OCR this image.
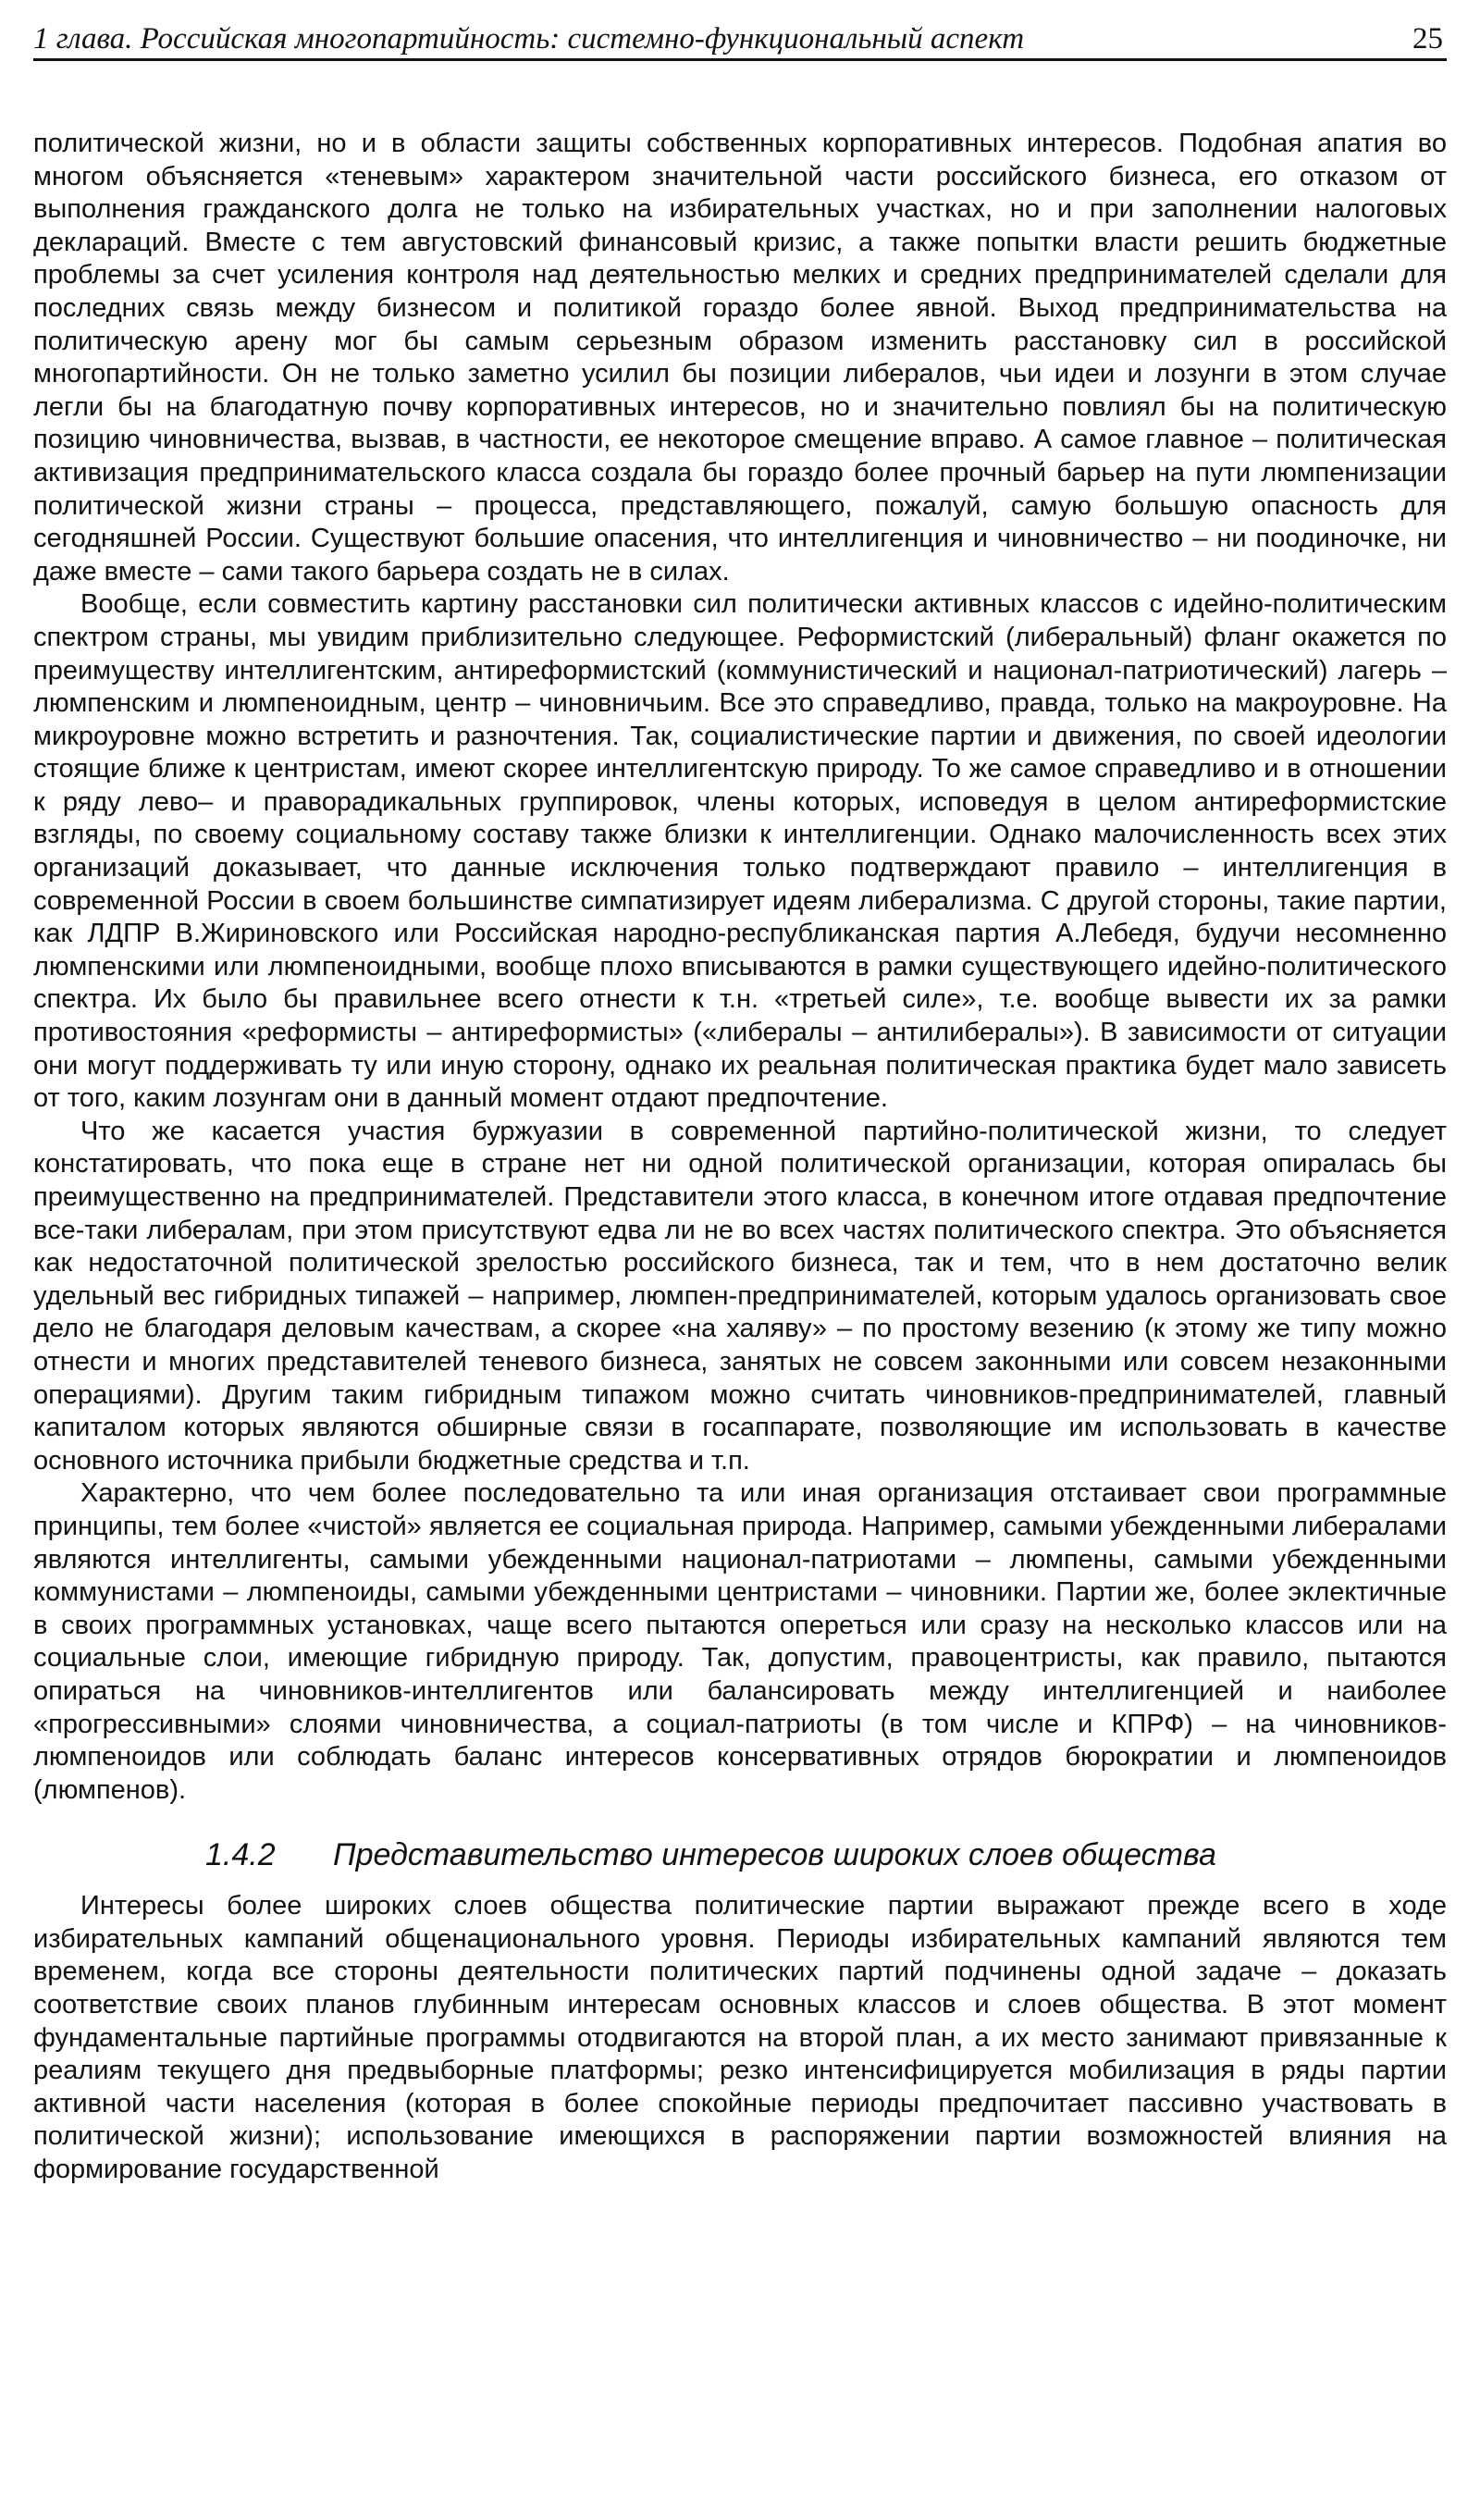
1 глава. Российская многопартийность: системно-функциональный аспект	25

политической жизни, но и в области защиты собственных корпоративных интересов. Подобная апатия во многом объясняется «теневым» характером значительной части российского бизнеса, его отказом от выполнения гражданского долга не только на избирательных участках, но и при заполнении налоговых деклараций. Вместе с тем августовский финансовый кризис, а также попытки власти решить бюджетные проблемы за счет усиления контроля над деятельностью мелких и средних предпринимателей сделали для последних связь между бизнесом и политикой гораздо более явной. Выход предпринимательства на политическую арену мог бы самым серьезным образом изменить расстановку сил в российской многопартийности. Он не только заметно усилил бы позиции либералов, чьи идеи и лозунги в этом случае легли бы на благодатную почву корпоративных интересов, но и значительно повлиял бы на политическую позицию чиновничества, вызвав, в частности, ее некоторое смещение вправо. А самое главное – политическая активизация предпринимательского класса создала бы гораздо более прочный барьер на пути люмпенизации политической жизни страны – процесса, представляющего, пожалуй, самую большую опасность для сегодняшней России. Существуют большие опасения, что интеллигенция и чиновничество – ни поодиночке, ни даже вместе – сами такого барьера создать не в силах.

Вообще, если совместить картину расстановки сил политически активных классов с идейно-политическим спектром страны, мы увидим приблизительно следующее. Реформистский (либеральный) фланг окажется по преимуществу интеллигентским, антиреформистский (коммунистический и национал-патриотический) лагерь – люмпенским и люмпеноидным, центр – чиновничьим. Все это справедливо, правда, только на макроуровне. На микроуровне можно встретить и разночтения. Так, социалистические партии и движения, по своей идеологии стоящие ближе к центристам, имеют скорее интеллигентскую природу. То же самое справедливо и в отношении к ряду лево– и праворадикальных группировок, члены которых, исповедуя в целом антиреформистские взгляды, по своему социальному составу также близки к интеллигенции. Однако малочисленность всех этих организаций доказывает, что данные исключения только подтверждают правило – интеллигенция в современной России в своем большинстве симпатизирует идеям либерализма. С другой стороны, такие партии, как ЛДПР В.Жириновского или Российская народно-республиканская партия А.Лебедя, будучи несомненно люмпенскими или люмпеноидными, вообще плохо вписываются в рамки существующего идейно-политического спектра. Их было бы правильнее всего отнести к т.н. «третьей силе», т.е. вообще вывести их за рамки противостояния «реформисты – антиреформисты» («либералы – антилибералы»). В зависимости от ситуации они могут поддерживать ту или иную сторону, однако их реальная политическая практика будет мало зависеть от того, каким лозунгам они в данный момент отдают предпочтение.

Что же касается участия буржуазии в современной партийно-политической жизни, то следует констатировать, что пока еще в стране нет ни одной политической организации, которая опиралась бы преимущественно на предпринимателей. Представители этого класса, в конечном итоге отдавая предпочтение все-таки либералам, при этом присутствуют едва ли не во всех частях политического спектра. Это объясняется как недостаточной политической зрелостью российского бизнеса, так и тем, что в нем достаточно велик удельный вес гибридных типажей – например, люмпен-предпринимателей, которым удалось организовать свое дело не благодаря деловым качествам, а скорее «на халяву» – по простому везению (к этому же типу можно отнести и многих представителей теневого бизнеса, занятых не совсем законными или совсем незаконными операциями). Другим таким гибридным типажом можно считать чиновников-предпринимателей, главный капиталом которых являются обширные связи в госаппарате, позволяющие им использовать в качестве основного источника прибыли бюджетные средства и т.п.

Характерно, что чем более последовательно та или иная организация отстаивает свои программные принципы, тем более «чистой» является ее социальная природа. Например, самыми убежденными либералами являются интеллигенты, самыми убежденными национал-патриотами – люмпены, самыми убежденными коммунистами – люмпеноиды, самыми убежденными центристами – чиновники. Партии же, более эклектичные в своих программных установках, чаще всего пытаются опереться или сразу на несколько классов или на социальные слои, имеющие гибридную природу. Так, допустим, правоцентристы, как правило, пытаются опираться на чиновников-интеллигентов или балансировать между интеллигенцией и наиболее «прогрессивными» слоями чиновничества, а социал-патриоты (в том числе и КПРФ) – на чиновников-люмпеноидов или соблюдать баланс интересов консервативных отрядов бюрократии и люмпеноидов (люмпенов).

1.4.2 Представительство интересов широких слоев общества

Интересы более широких слоев общества политические партии выражают прежде всего в ходе избирательных кампаний общенационального уровня. Периоды избирательных кампаний являются тем временем, когда все стороны деятельности политических партий подчинены одной задаче – доказать соответствие своих планов глубинным интересам основных классов и слоев общества. В этот момент фундаментальные партийные программы отодвигаются на второй план, а их место занимают привязанные к реалиям текущего дня предвыборные платформы; резко интенсифицируется мобилизация в ряды партии активной части населения (которая в более спокойные периоды предпочитает пассивно участвовать в политической жизни); использование имеющихся в распоряжении партии возможностей влияния на формирование государственной
